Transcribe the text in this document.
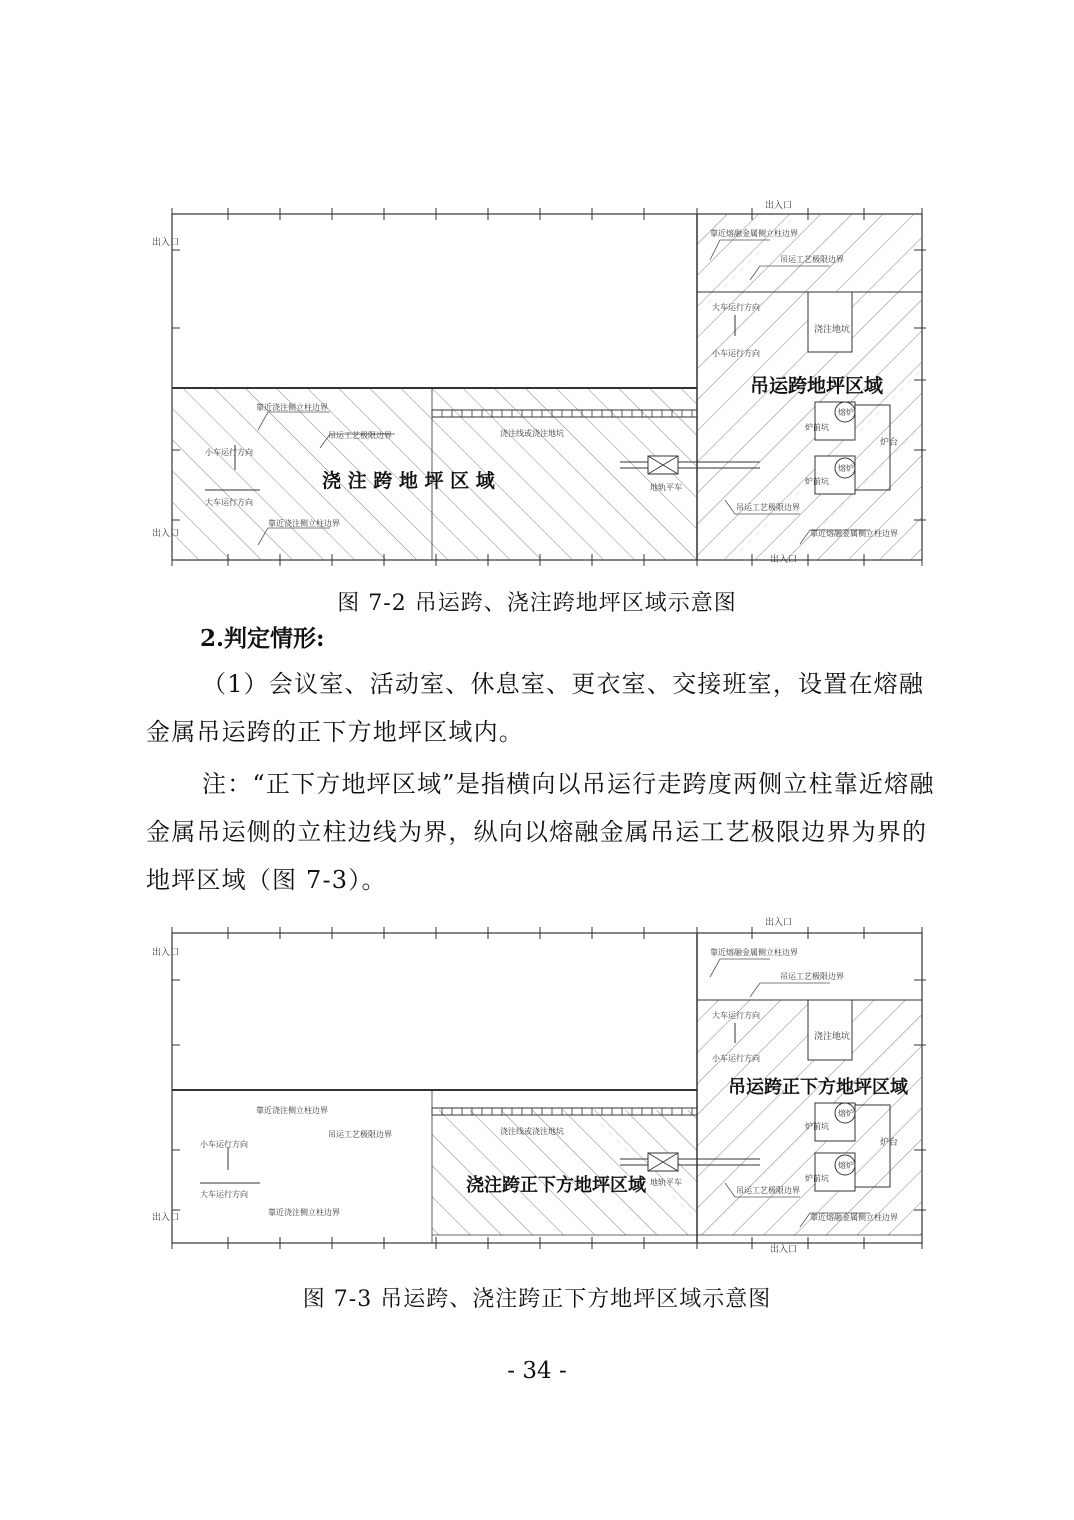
出入口
出入口
出入口
出入口
靠近熔融金属侧立柱边界
吊运工艺极限边界
大车运行方向
小车运行方向
浇注地坑
吊运跨地坪区域
熔炉
熔炉
炉前坑
炉前坑
炉台
靠近浇注侧立柱边界
吊运工艺极限边界	浇注线或浇注地坑
小车运行方向
大车运行方向
浇 注 跨 地 坪 区 域	地轨平车
吊运工艺极限边界
靠近浇注侧立柱边界
靠近熔融金属侧立柱边界
图 7-2 吊运跨、浇注跨地坪区域示意图
2.判定情形:
（1）会议室、活动室、休息室、更衣室、交接班室，设置在熔融金属吊运跨的正下方地坪区域内。
注：“正下方地坪区域”是指横向以吊运行走跨度两侧立柱靠近熔融金属吊运侧的立柱边线为界，纵向以熔融金属吊运工艺极限边界为界的地坪区域（图 7-3）。
出入口
出入口
出入口
出入口
靠近熔融金属侧立柱边界
吊运工艺极限边界
大车运行方向
小车运行方向
浇注地坑
吊运跨正下方地坪区域
熔炉
熔炉
炉前坑
炉前坑
炉台
靠近浇注侧立柱边界
吊运工艺极限边界	浇注线或浇注地坑
小车运行方向
大车运行方向	浇注跨正下方地坪区域 地轨平车
吊运工艺极限边界
靠近浇注侧立柱边界
靠近熔融金属侧立柱边界
图 7-3 吊运跨、浇注跨正下方地坪区域示意图
- 34 -
